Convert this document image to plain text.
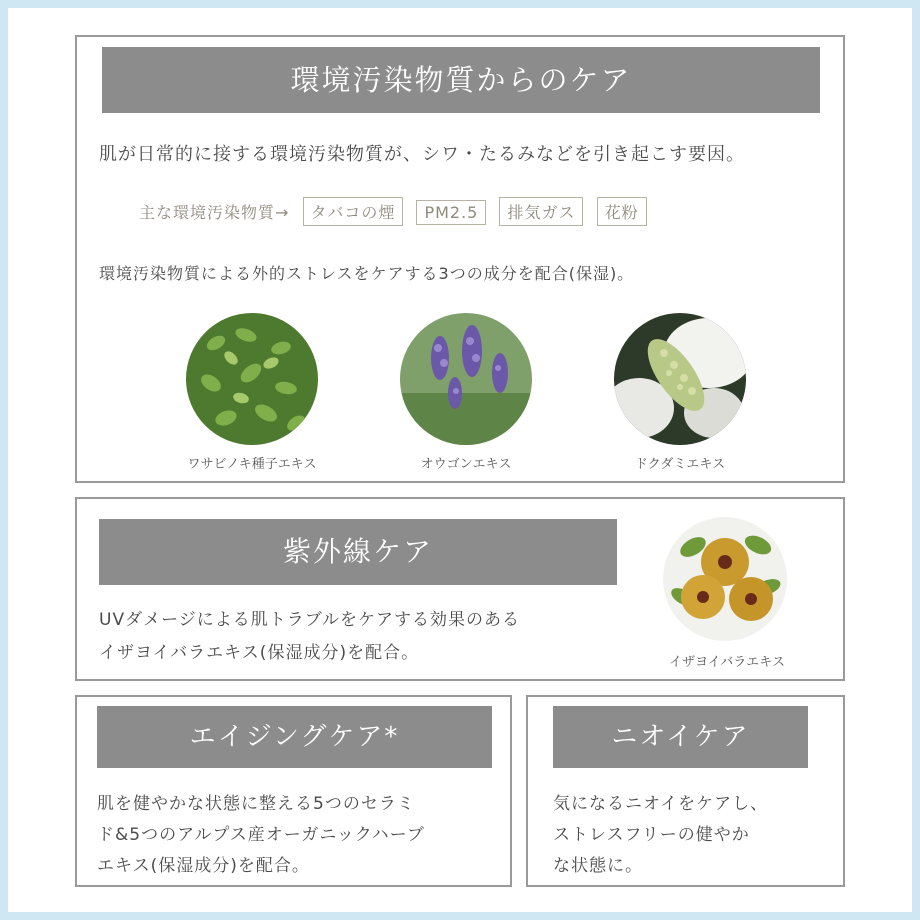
環境汚染物質からのケア
肌が日常的に接する環境汚染物質が、シワ・たるみなどを引き起こす要因。
主な環境汚染物質→ タバコの煙 PM2.5 排気ガス 花粉
環境汚染物質による外的ストレスをケアする3つの成分を配合(保湿)。
ワサビノキ種子エキス	オウゴンエキス	ドクダミエキス
紫外線ケア
UVダメージによる肌トラブルをケアする効果のある
イザヨイバラエキス(保湿成分)を配合。	イザヨイバラエキス
エイジングケア*
肌を健やかな状態に整える5つのセラミ
ド&5つのアルプス産オーガニックハーブ
エキス(保湿成分)を配合。
ニオイケア
気になるニオイをケアし、
ストレスフリーの健やか
な状態に。
